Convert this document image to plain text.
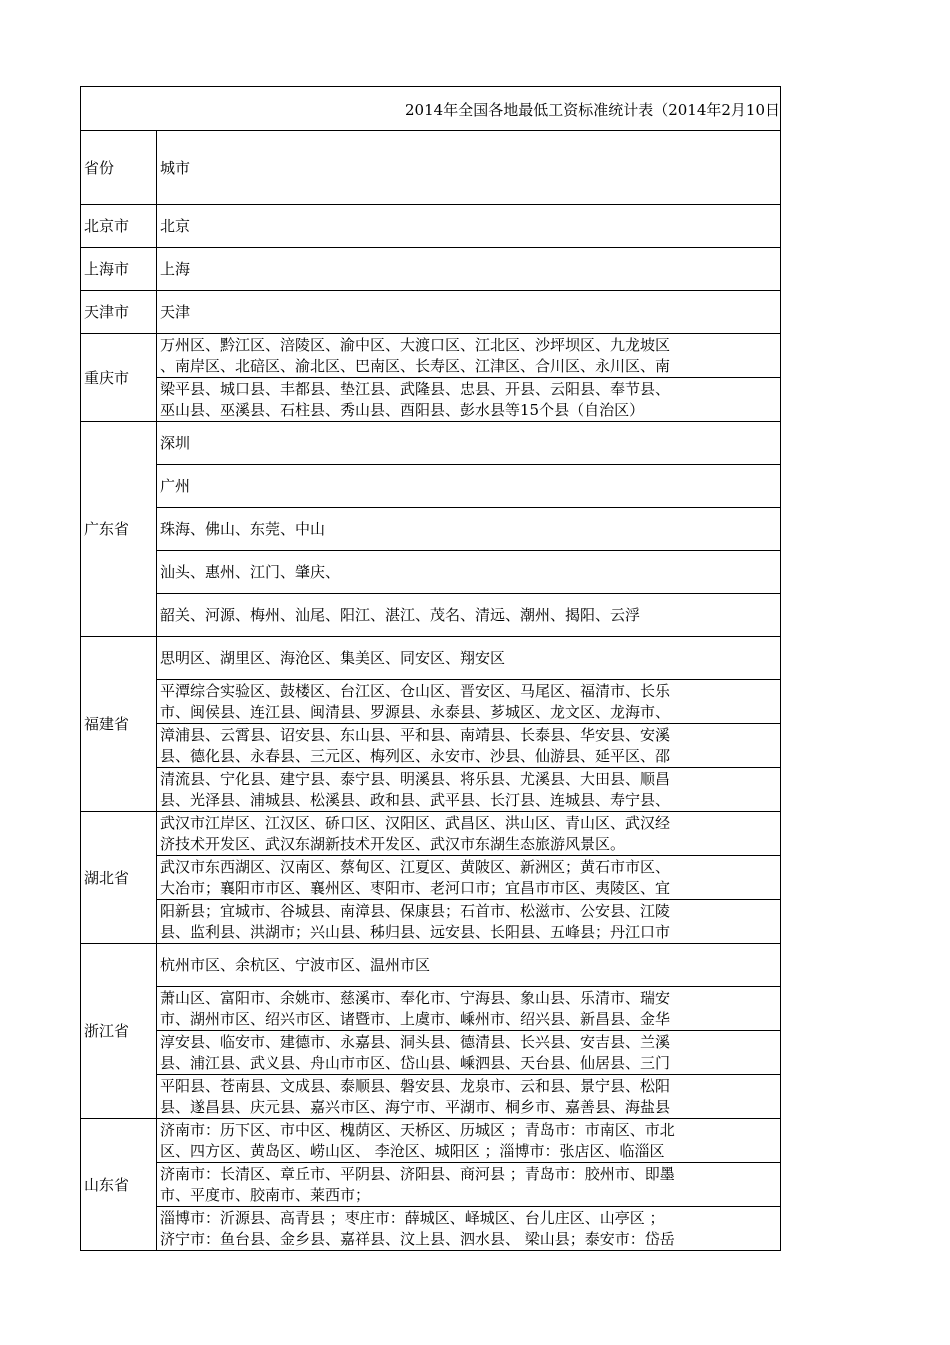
2014年全国各地最低工资标准统计表（2014年2月10日
省份	城市
北京市	北京
上海市	上海
天津市	天津
重庆市	万州区、黔江区、涪陵区、渝中区、大渡口区、江北区、沙坪坝区、九龙坡区
、南岸区、北碚区、渝北区、巴南区、长寿区、江津区、合川区、永川区、南

	梁平县、城口县、丰都县、垫江县、武隆县、忠县、开县、云阳县、奉节县、
巫山县、巫溪县、石柱县、秀山县、酉阳县、彭水县等15个县（自治区）

广东省	深圳
	广州
	珠海、佛山、东莞、中山
	汕头、惠州、江门、肇庆、
	韶关、河源、梅州、汕尾、阳江、湛江、茂名、清远、潮州、揭阳、云浮
福建省	思明区、湖里区、海沧区、集美区、同安区、翔安区

	平潭综合实验区、鼓楼区、台江区、仓山区、晋安区、马尾区、福清市、长乐
市、闽侯县、连江县、闽清县、罗源县、永泰县、芗城区、龙文区、龙海市、

	漳浦县、云霄县、诏安县、东山县、平和县、南靖县、长泰县、华安县、安溪
县、德化县、永春县、三元区、梅列区、永安市、沙县、仙游县、延平区、邵

	清流县、宁化县、建宁县、泰宁县、明溪县、将乐县、尤溪县、大田县、顺昌
县、光泽县、浦城县、松溪县、政和县、武平县、长汀县、连城县、寿宁县、

湖北省	武汉市江岸区、江汉区、硚口区、汉阳区、武昌区、洪山区、青山区、武汉经
济技术开发区、武汉东湖新技术开发区、武汉市东湖生态旅游风景区。

	武汉市东西湖区、汉南区、蔡甸区、江夏区、黄陂区、新洲区；黄石市市区、
大冶市；襄阳市市区、襄州区、枣阳市、老河口市；宜昌市市区、夷陵区、宜

	阳新县；宜城市、谷城县、南漳县、保康县；石首市、松滋市、公安县、江陵
县、监利县、洪湖市；兴山县、秭归县、远安县、长阳县、五峰县；丹江口市

浙江省	杭州市区、余杭区、宁波市区、温州市区

	萧山区、富阳市、余姚市、慈溪市、奉化市、宁海县、象山县、乐清市、瑞安
市、湖州市区、绍兴市区、诸暨市、上虞市、嵊州市、绍兴县、新昌县、金华

	淳安县、临安市、建德市、永嘉县、洞头县、德清县、长兴县、安吉县、兰溪
县、浦江县、武义县、舟山市市区、岱山县、嵊泗县、天台县、仙居县、三门

	平阳县、苍南县、文成县、泰顺县、磐安县、龙泉市、云和县、景宁县、松阳
县、遂昌县、庆元县、嘉兴市区、海宁市、平湖市、桐乡市、嘉善县、海盐县

山东省	济南市：历下区、市中区、槐荫区、天桥区、历城区 ；青岛市：市南区、市北
区、四方区、黄岛区、崂山区、 李沧区、城阳区 ；淄博市：张店区、临淄区

	济南市：长清区、章丘市、平阴县、济阳县、商河县 ；青岛市：胶州市、即墨
市、平度市、胶南市、莱西市；

	淄博市：沂源县、高青县 ；枣庄市：薛城区、峄城区、台儿庄区、山亭区 ；
济宁市：鱼台县、金乡县、嘉祥县、汶上县、泗水县、 梁山县；泰安市：岱岳
